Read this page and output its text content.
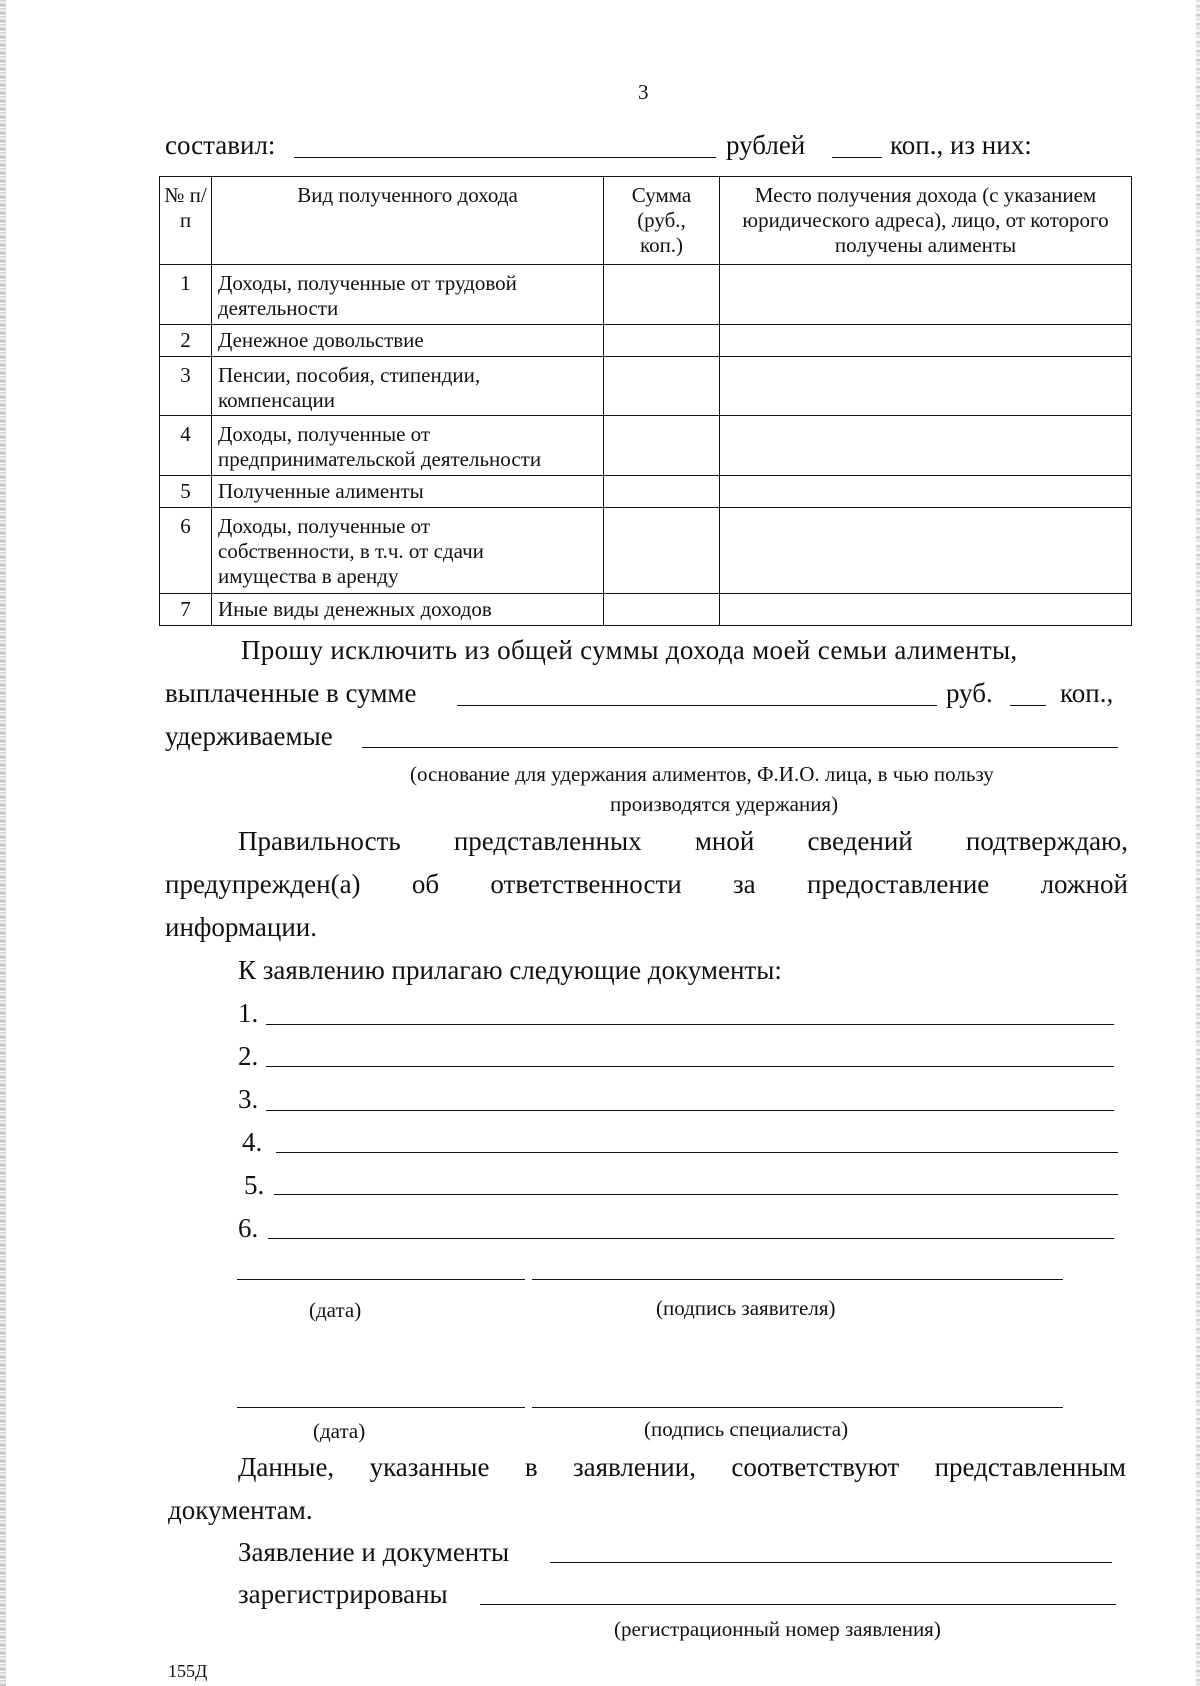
3
составил:	рублей	коп., из них:
№ п/п	Вид полученного дохода	Сумма (руб., коп.)	Место получения дохода (с указанием юридического адреса), лицо, от которого получены алименты
1	Доходы, полученные от трудовой деятельности		
2	Денежное довольствие		
3	Пенсии, пособия, стипендии, компенсации		
4	Доходы, полученные от предпринимательской деятельности		
5	Полученные алименты		
6	Доходы, полученные от собственности, в т.ч. от сдачи имущества в аренду		
7	Иные виды денежных доходов		
Прошу исключить из общей суммы дохода моей семьи алименты,
выплаченные в сумме	руб. коп.,
удерживаемые
(основание для удержания алиментов, Ф.И.О. лица, в чью пользу
производятся удержания)
Правильность представленных мной сведений подтверждаю,
предупрежден(а) об ответственности за предоставление ложной
информации.
К заявлению прилагаю следующие документы:
1.
2.
3.
4.
5.
6.
(дата)	(подпись заявителя)
(дата)	(подпись специалиста)
Данные, указанные в заявлении, соответствуют представленным
документам.
Заявление и документы
зарегистрированы
(регистрационный номер заявления)
155Д
